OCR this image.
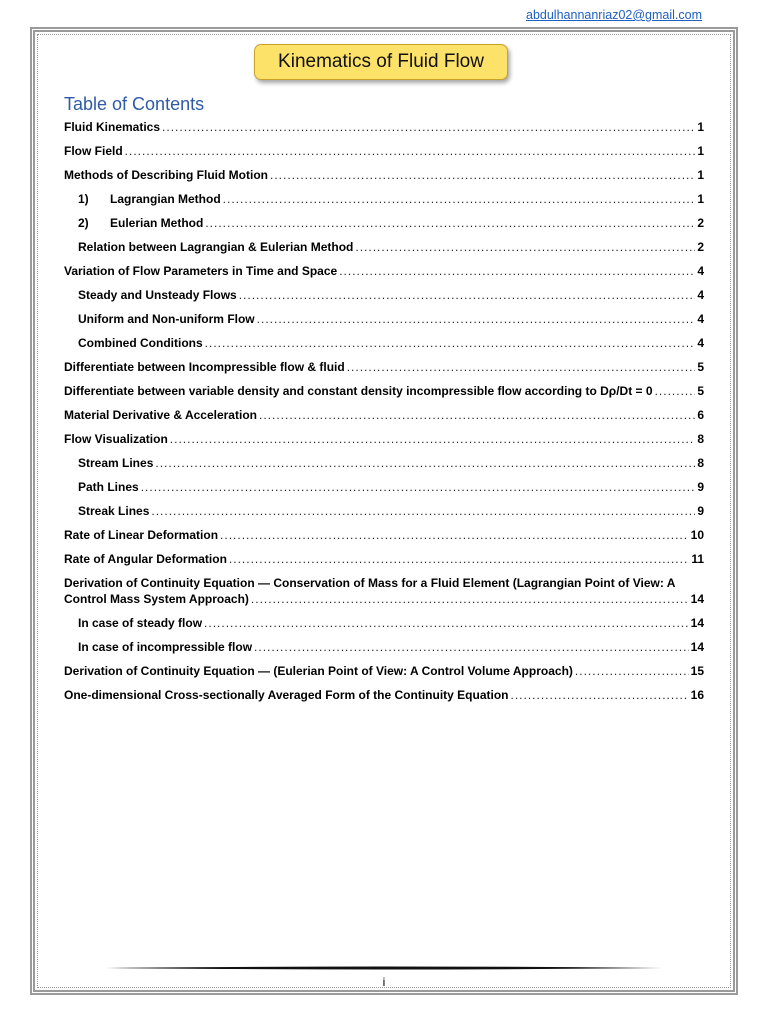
abdulhannanriaz02@gmail.com
Kinematics of Fluid Flow
Table of Contents
Fluid Kinematics .....	1
Flow Field .....	1
Methods of Describing Fluid Motion .....	1
1) Lagrangian Method .....	1
2) Eulerian Method .....	2
Relation between Lagrangian & Eulerian Method .....	2
Variation of Flow Parameters in Time and Space .....	4
Steady and Unsteady Flows .....	4
Uniform and Non-uniform Flow .....	4
Combined Conditions .....	4
Differentiate between Incompressible flow & fluid .....	5
Differentiate between variable density and constant density incompressible flow according to Dρ/Dt = 0 .....	5
Material Derivative & Acceleration .....	6
Flow Visualization .....	8
Stream Lines .....	8
Path Lines .....	9
Streak Lines .....	9
Rate of Linear Deformation .....	10
Rate of Angular Deformation .....	11
Derivation of Continuity Equation — Conservation of Mass for a Fluid Element (Lagrangian Point of View: A
Control Mass System Approach) .....	14
In case of steady flow .....	14
In case of incompressible flow .....	14
Derivation of Continuity Equation — (Eulerian Point of View: A Control Volume Approach) .....	15
One-dimensional Cross-sectionally Averaged Form of the Continuity Equation .....	16
i
